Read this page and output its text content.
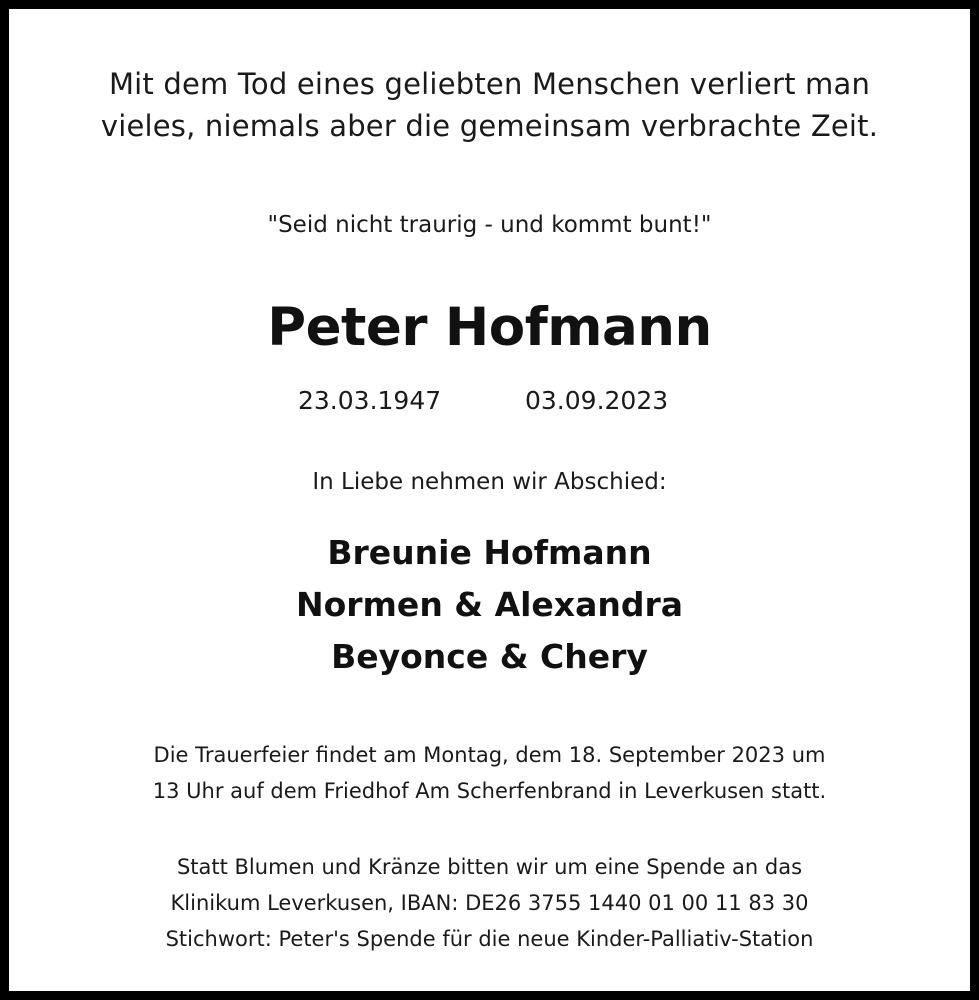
Mit dem Tod eines geliebten Menschen verliert man
vieles, niemals aber die gemeinsam verbrachte Zeit.
"Seid nicht traurig - und kommt bunt!"
Peter Hofmann
23.03.1947	03.09.2023
In Liebe nehmen wir Abschied:
Breunie Hofmann
Normen & Alexandra
Beyonce & Chery
Die Trauerfeier findet am Montag, dem 18. September 2023 um
13 Uhr auf dem Friedhof Am Scherfenbrand in Leverkusen statt.
Statt Blumen und Kränze bitten wir um eine Spende an das
Klinikum Leverkusen, IBAN: DE26 3755 1440 01 00 11 83 30
Stichwort: Peter's Spende für die neue Kinder-Palliativ-Station
